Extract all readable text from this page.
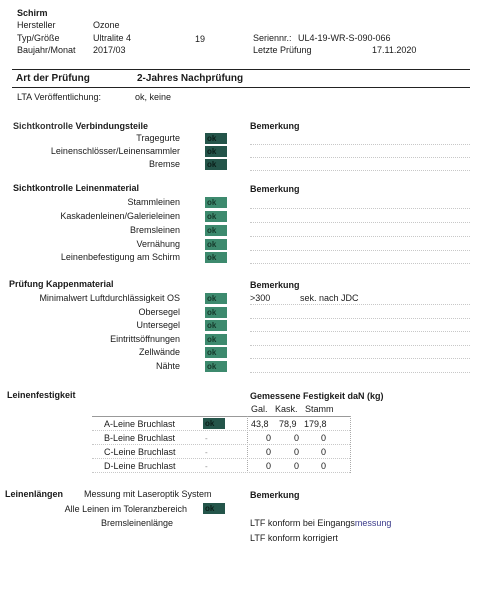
Schirm
Hersteller	Ozone
Typ/Größe	Ultralite 4	19	Seriennr.: UL4-19-WR-S-090-066
Baujahr/Monat 2017/03	Letzte Prüfung	17.11.2020
Art der Prüfung	2-Jahres Nachprüfung
LTA Veröffentlichung:	ok, keine
Sichtkontrolle Verbindungsteile	Bemerkung
Tragegurte	ok
Leinenschlösser/Leinensammler	ok
Bremse	ok
Sichtkontrolle Leinenmaterial	Bemerkung
Stammleinen	ok
Kaskadenleinen/Galerieleinen	ok
Bremsleinen	ok
Vernähung	ok
Leinenbefestigung am Schirm	ok
Prüfung Kappenmaterial	Bemerkung
Minimalwert Luftdurchlässigkeit OS	ok	>300	sek. nach JDC
Obersegel	ok
Untersegel	ok
Eintrittsöffnungen	ok
Zellwände	ok
Nähte	ok
Leinenfestigkeit	Gemessene Festigkeit daN (kg)
Gal. Kask. Stamm
A-Leine Bruchlast	ok	43,8 78,9 179,8
B-Leine Bruchlast	-	0	0 0
C-Leine Bruchlast	-	0	0 0
D-Leine Bruchlast	-	0	0 0
Leinenlängen Messung mit Laseroptik System	Bemerkung
Alle Leinen im Toleranzbereich ok
Bremsleinenlänge	LTF konform bei Eingangsmessung
LTF konform korrigiert
